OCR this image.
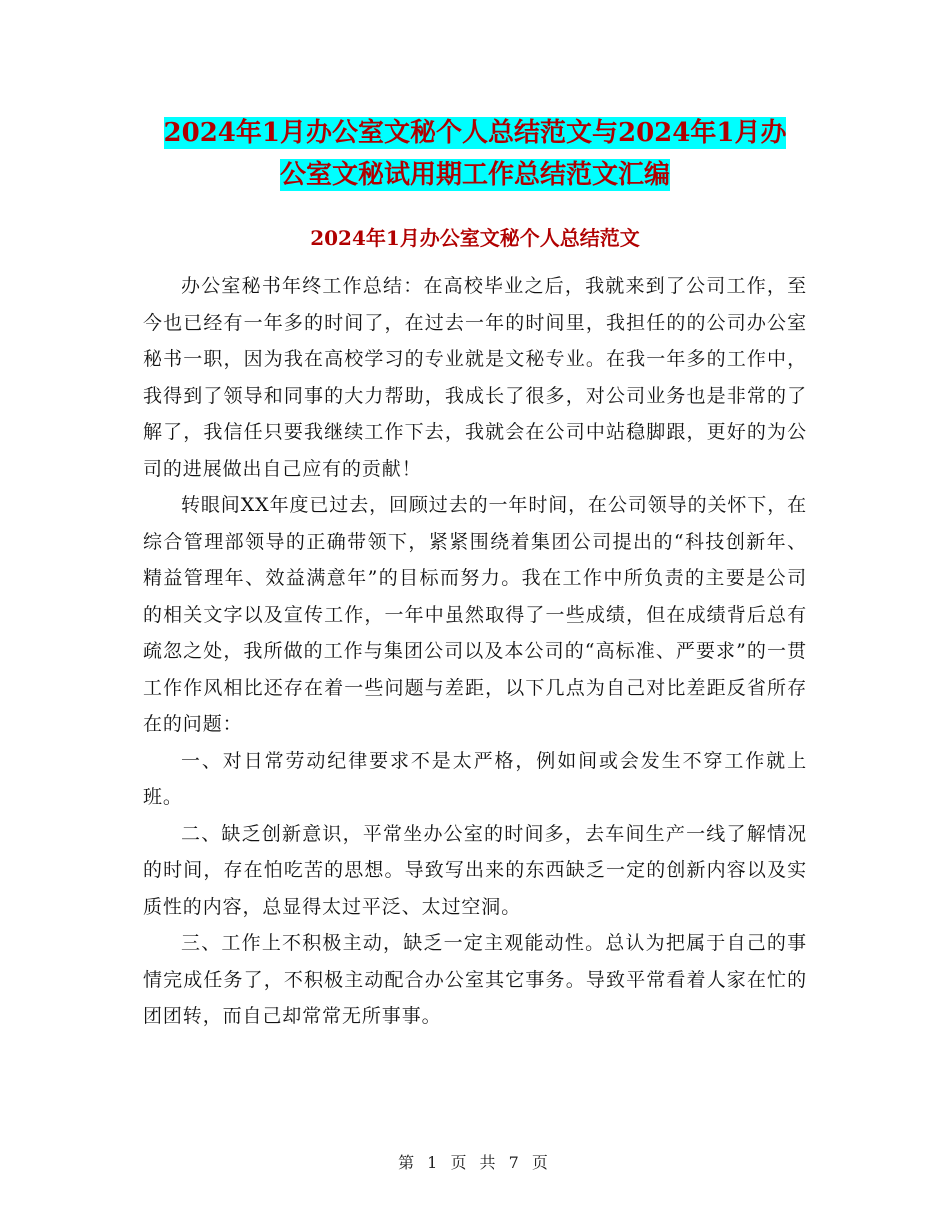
2024年1月办公室文秘个人总结范文与2024年1月办
公室文秘试用期工作总结范文汇编
2024年1月办公室文秘个人总结范文

办公室秘书年终工作总结：在高校毕业之后，我就来到了公司工作，至今也已经有一年多的时间了，在过去一年的时间里，我担任的的公司办公室秘书一职，因为我在高校学习的专业就是文秘专业。在我一年多的工作中，我得到了领导和同事的大力帮助，我成长了很多，对公司业务也是非常的了解了，我信任只要我继续工作下去，我就会在公司中站稳脚跟，更好的为公司的进展做出自己应有的贡献！

转眼间XX年度已过去，回顾过去的一年时间，在公司领导的关怀下，在综合管理部领导的正确带领下，紧紧围绕着集团公司提出的“科技创新年、精益管理年、效益满意年”的目标而努力。我在工作中所负责的主要是公司的相关文字以及宣传工作，一年中虽然取得了一些成绩，但在成绩背后总有疏忽之处，我所做的工作与集团公司以及本公司的“高标准、严要求”的一贯工作作风相比还存在着一些问题与差距，以下几点为自己对比差距反省所存在的问题：

一、对日常劳动纪律要求不是太严格，例如间或会发生不穿工作就上班。

二、缺乏创新意识，平常坐办公室的时间多，去车间生产一线了解情况的时间，存在怕吃苦的思想。导致写出来的东西缺乏一定的创新内容以及实质性的内容，总显得太过平泛、太过空洞。

三、工作上不积极主动，缺乏一定主观能动性。总认为把属于自己的事情完成任务了，不积极主动配合办公室其它事务。导致平常看着人家在忙的团团转，而自己却常常无所事事。

第 1 页 共 7 页
